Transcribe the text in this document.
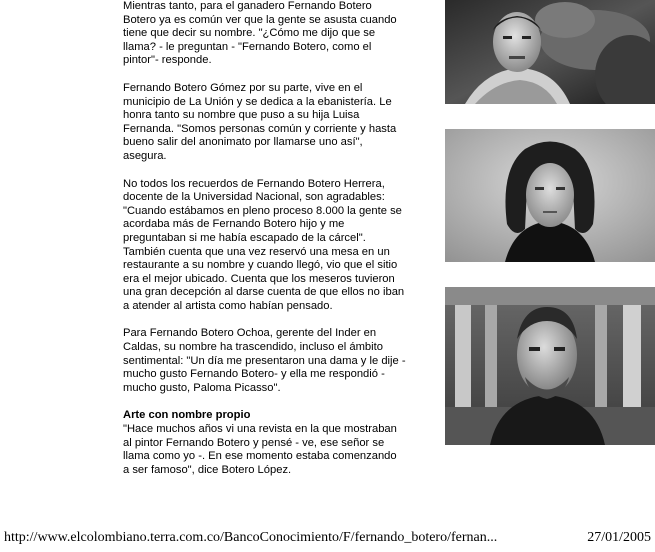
Mientras tanto, para el ganadero Fernando Botero
Botero ya es común ver que la gente se asusta cuando
tiene que decir su nombre. "¿Cómo me dijo que se
llama? - le preguntan - "Fernando Botero, como el
pintor"- responde.

Fernando Botero Gómez por su parte, vive en el
municipio de La Unión y se dedica a la ebanistería. Le
honra tanto su nombre que puso a su hija Luisa
Fernanda. "Somos personas común y corriente y hasta
bueno salir del anonimato por llamarse uno así",
asegura.

No todos los recuerdos de Fernando Botero Herrera,
docente de la Universidad Nacional, son agradables:
"Cuando estábamos en pleno proceso 8.000 la gente se
acordaba más de Fernando Botero hijo y me
preguntaban si me había escapado de la cárcel".
También cuenta que una vez reservó una mesa en un
restaurante a su nombre y cuando llegó, vio que el sitio
era el mejor ubicado. Cuenta que los meseros tuvieron
una gran decepción al darse cuenta de que ellos no iban
a atender al artista como habían pensado.

Para Fernando Botero Ochoa, gerente del Inder en
Caldas, su nombre ha trascendido, incluso el ámbito
sentimental: "Un día me presentaron una dama y le dije -
mucho gusto Fernando Botero- y ella me respondió -
mucho gusto, Paloma Picasso".

Arte con nombre propio

"Hace muchos años vi una revista en la que mostraban
al pintor Fernando Botero y pensé - ve, ese señor se
llama como yo -. En ese momento estaba comenzando
a ser famoso", dice Botero López.

http://www.elcolombiano.terra.com.co/BancoConocimiento/F/fernando_botero/fernan...	27/01/2005
